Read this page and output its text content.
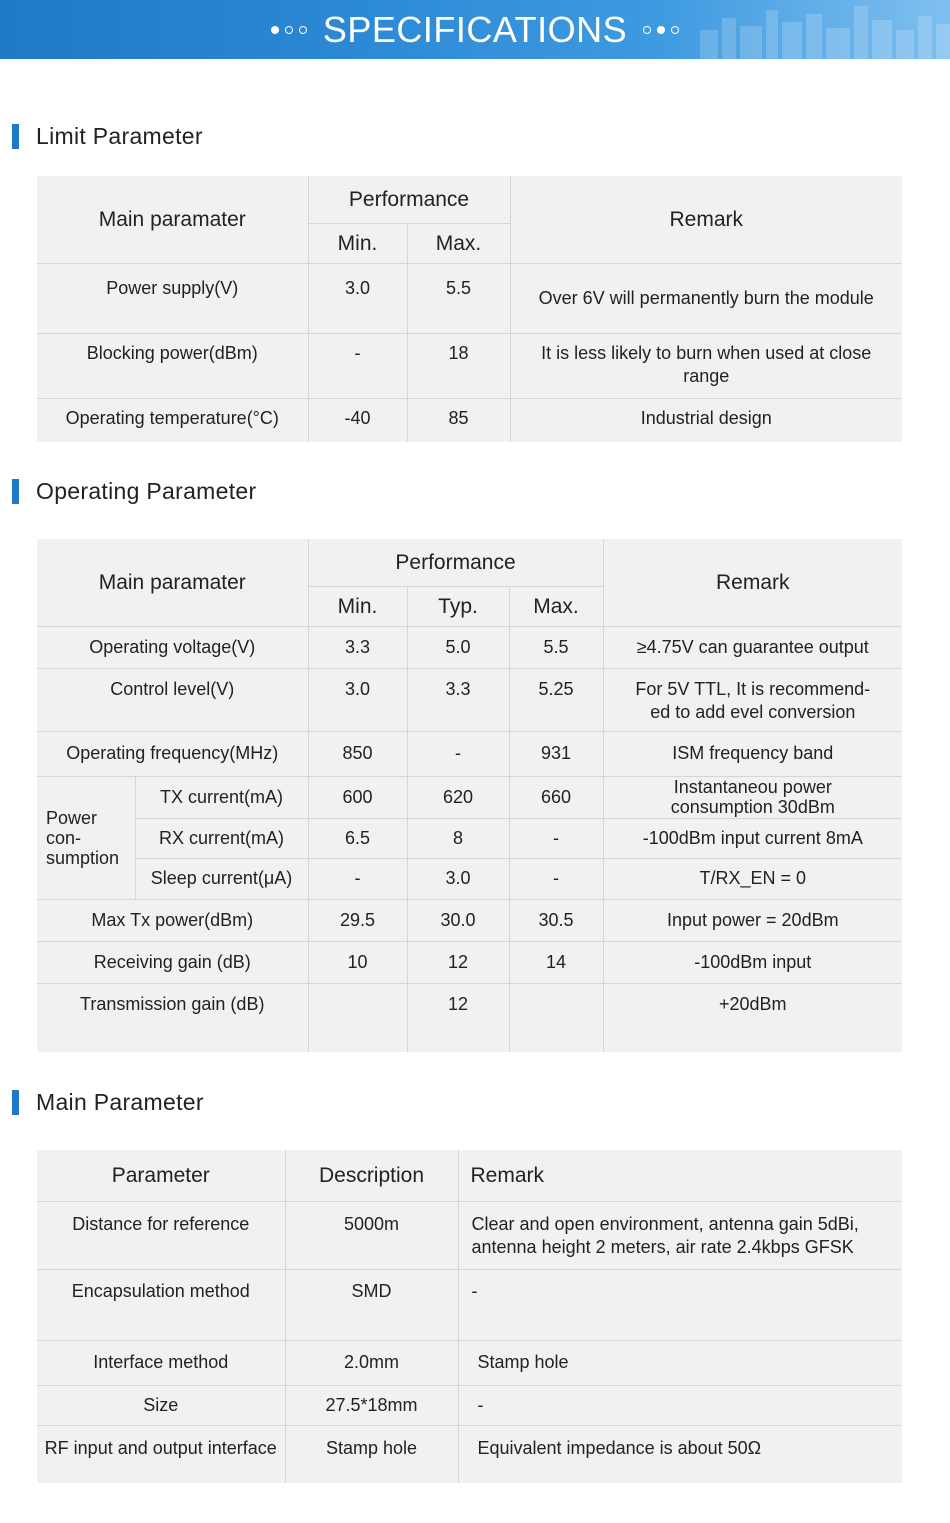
SPECIFICATIONS
Limit Parameter
Main paramater	Performance		Remark
	Min.	Max.	
Power supply(V)	3.0	5.5	Over 6V will permanently burn the module
Blocking power(dBm)	-	18	It is less likely to burn when used at close range
Operating temperature(°C)	-40	85	Industrial design
Operating Parameter
Main paramater		Performance			Remark
		Min.	Typ.	Max.	
Operating voltage(V)		3.3	5.0	5.5	≥4.75V can guarantee output
Control level(V)		3.0	3.3	5.25	For 5V TTL, It is recommend-ed to add evel conversion
Operating frequency(MHz)		850	-	931	ISM frequency band
Power con-sumption	TX current(mA)	600	620	660	Instantaneou power consumption 30dBm
	RX current(mA)	6.5	8	-	-100dBm input current 8mA
	Sleep current(μA)	-	3.0	-	T/RX_EN = 0
Max Tx power(dBm)		29.5	30.0	30.5	Input power = 20dBm
Receiving gain (dB)		10	12	14	-100dBm input
Transmission gain (dB)			12		+20dBm
Main Parameter
Parameter	Description	Remark
Distance for reference	5000m	Clear and open environment, antenna gain 5dBi, antenna height 2 meters, air rate 2.4kbps GFSK
Encapsulation method	SMD	-
Interface method	2.0mm	Stamp hole
Size	27.5*18mm	-
RF input and output interface	Stamp hole	Equivalent impedance is about 50Ω
